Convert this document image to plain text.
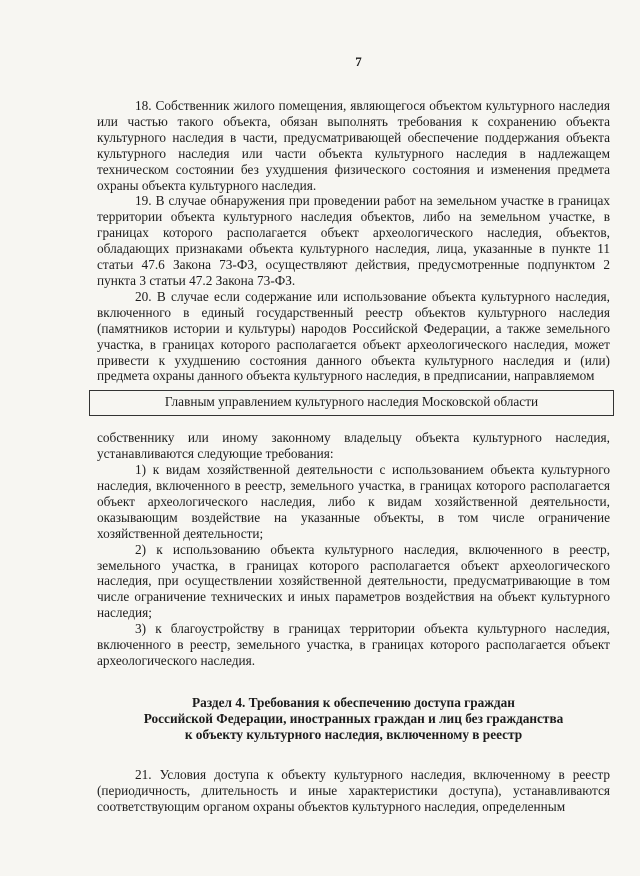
7

18. Собственник жилого помещения, являющегося объектом культурного наследия или частью такого объекта, обязан выполнять требования к сохранению объекта культурного наследия в части, предусматривающей обеспечение поддержания объекта культурного наследия или части объекта культурного наследия в надлежащем техническом состоянии без ухудшения физического состояния и изменения предмета охраны объекта культурного наследия.

19. В случае обнаружения при проведении работ на земельном участке в границах территории объекта культурного наследия объектов, либо на земельном участке, в границах которого располагается объект археологического наследия, объектов, обладающих признаками объекта культурного наследия, лица, указанные в пункте 11 статьи 47.6 Закона 73-ФЗ, осуществляют действия, предусмотренные подпунктом 2 пункта 3 статьи 47.2 Закона 73-ФЗ.

20. В случае если содержание или использование объекта культурного наследия, включенного в единый государственный реестр объектов культурного наследия (памятников истории и культуры) народов Российской Федерации, а также земельного участка, в границах которого располагается объект археологического наследия, может привести к ухудшению состояния данного объекта культурного наследия и (или) предмета охраны данного объекта культурного наследия, в предписании, направляемом

Главным управлением культурного наследия Московской области

собственнику или иному законному владельцу объекта культурного наследия, устанавливаются следующие требования:

1) к видам хозяйственной деятельности с использованием объекта культурного наследия, включенного в реестр, земельного участка, в границах которого располагается объект археологического наследия, либо к видам хозяйственной деятельности, оказывающим воздействие на указанные объекты, в том числе ограничение хозяйственной деятельности;

2) к использованию объекта культурного наследия, включенного в реестр, земельного участка, в границах которого располагается объект археологического наследия, при осуществлении хозяйственной деятельности, предусматривающие в том числе ограничение технических и иных параметров воздействия на объект культурного наследия;

3) к благоустройству в границах территории объекта культурного наследия, включенного в реестр, земельного участка, в границах которого располагается объект археологического наследия.

Раздел 4. Требования к обеспечению доступа граждан
Российской Федерации, иностранных граждан и лиц без гражданства
к объекту культурного наследия, включенному в реестр

21. Условия доступа к объекту культурного наследия, включенному в реестр (периодичность, длительность и иные характеристики доступа), устанавливаются соответствующим органом охраны объектов культурного наследия, определенным
